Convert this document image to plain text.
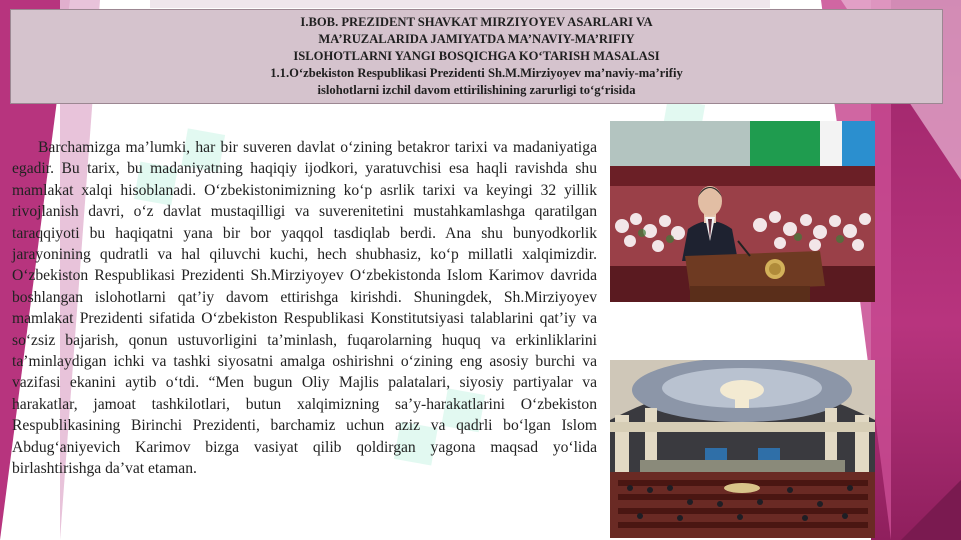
◆◆
◆◆
I.BOB. PREZIDENT SHAVKAT MIRZIYOYEV ASARLARI VA
MA’RUZALARIDA JAMIYATDA MA’NAVIY-MA’RIFIY
ISLOHOTLARNI YANGI BOSQICHGA KO‘TARISH MASALASI
1.1.O‘zbekiston Respublikasi Prezidenti Sh.M.Mirziyoyev ma’naviy-ma’rifiy
islohotlarni izchil davom ettirilishining zarurligi to‘g‘risida

Barchamizga ma’lumki, har bir suveren davlat o‘zining betakror tarixi va madaniyatiga egadir. Bu tarix, bu madaniyatning haqiqiy ijodkori, yaratuvchisi esa haqli ravishda shu mamlakat xalqi hisoblanadi. O‘zbekistonimizning ko‘p asrlik tarixi va keyingi 32 yillik rivojlanish davri, o‘z davlat mustaqilligi va suverenitetini mustahkamlashga qaratilgan taraqqiyoti bu haqiqatni yana bir bor yaqqol tasdiqlab berdi. Ana shu bunyodkorlik jarayonining qudratli va hal qiluvchi kuchi, hech shubhasiz, ko‘p millatli xalqimizdir. O‘zbekiston Respublikasi Prezidenti Sh.Mirziyoyev O‘zbekistonda Islom Karimov davrida boshlangan islohotlarni qat’iy davom ettirishga kirishdi. Shuningdek, Sh.Mirziyoyev mamlakat Prezidenti sifatida O‘zbekiston Respublikasi Konstitutsiyasi talablarini qat’iy va so‘zsiz bajarish, qonun ustuvorligini ta’minlash, fuqarolarning huquq va erkinliklarini ta’minlaydigan ichki va tashki siyosatni amalga oshirishni o‘zining eng asosiy burchi va vazifasi ekanini aytib o‘tdi. “Men bugun Oliy Majlis palatalari, siyosiy partiyalar va harakatlar, jamoat tashkilotlari, butun xalqimizning sa’y-harakatlarini O‘zbekiston Respublikasining Birinchi Prezidenti, barchamiz uchun aziz va qadrli bo‘lgan Islom Abdug‘aniyevich Karimov bizga vasiyat qilib qoldirgan yagona maqsad yo‘lida birlashtirishga da’vat etaman.
